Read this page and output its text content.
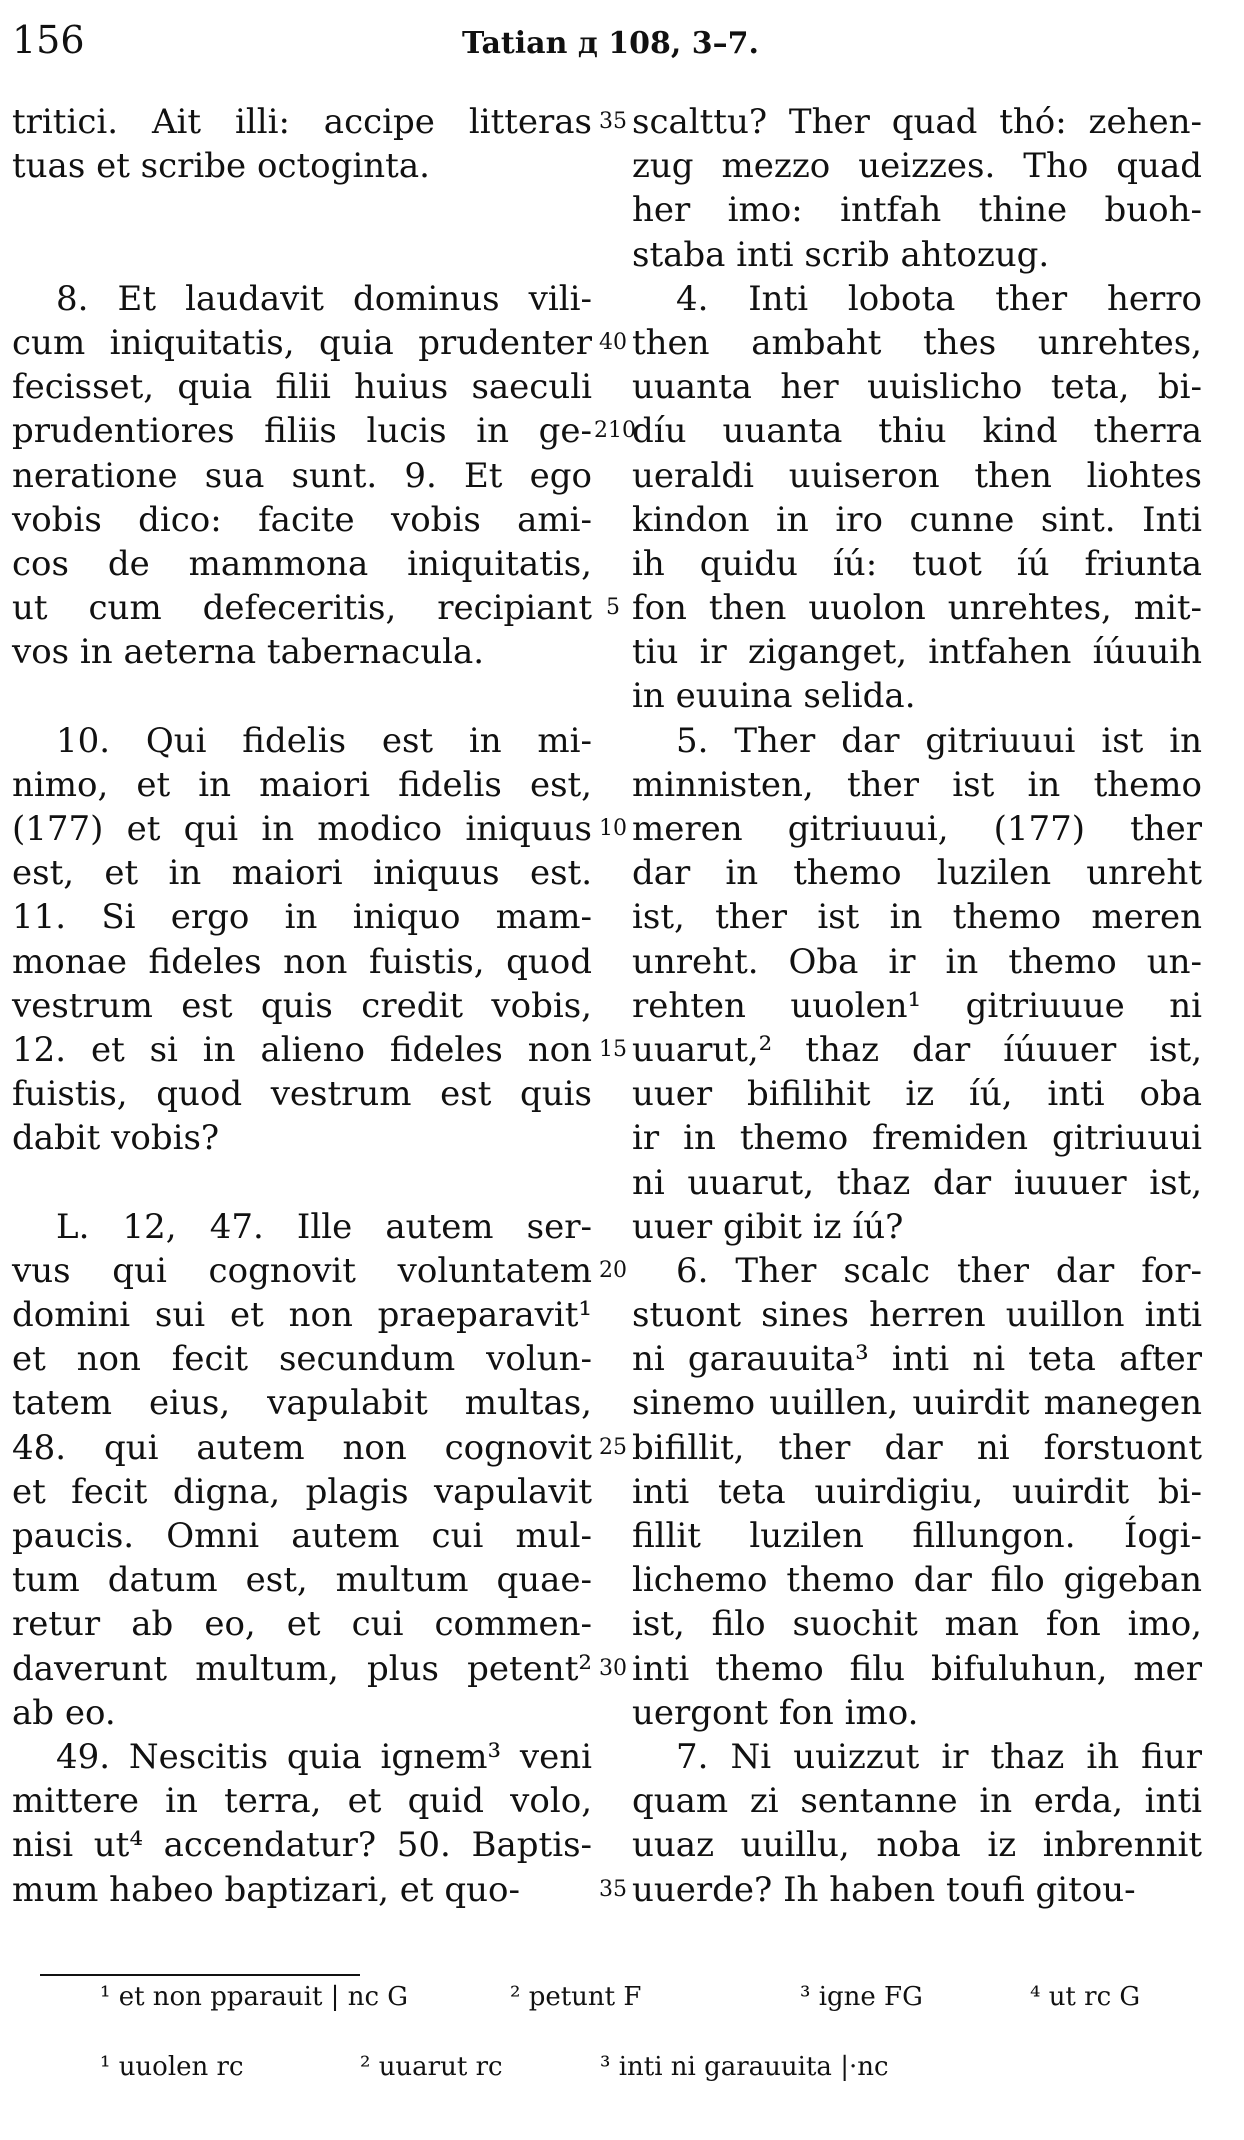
156	Tatian д 108, 3–7.
tritici. Ait illi: accipe litteras
tuas et scribe octoginta.
8. Et laudavit dominus vili-
cum iniquitatis, quia prudenter
fecisset, quia filii huius saeculi
prudentiores filiis lucis in ge-
neratione sua sunt. 9. Et ego
vobis dico: facite vobis ami-
cos de mammona iniquitatis,
ut cum defeceritis, recipiant
vos in aeterna tabernacula.
10. Qui fidelis est in mi-
nimo, et in maiori fidelis est,
(177) et qui in modico iniquus
est, et in maiori iniquus est.
11. Si ergo in iniquo mam-
monae fideles non fuistis, quod
vestrum est quis credit vobis,
12. et si in alieno fideles non
fuistis, quod vestrum est quis
dabit vobis?
L. 12, 47. Ille autem ser-
vus qui cognovit voluntatem
domini sui et non praeparavit¹
et non fecit secundum volun-
tatem eius, vapulabit multas,
48. qui autem non cognovit
et fecit digna, plagis vapulavit
paucis. Omni autem cui mul-
tum datum est, multum quae-
retur ab eo, et cui commen-
daverunt multum, plus petent²
ab eo.
49. Nescitis quia ignem³ veni
mittere in terra, et quid volo,
nisi ut⁴ accendatur? 50. Baptis-
mum habeo baptizari, et quo-
35
40
210
5
10
15
20
25
30
35
scalttu? Ther quad thó: zehen-
zug mezzo ueizzes. Tho quad
her imo: intfah thine buoh-
staba inti scrib ahtozug.
4. Inti lobota ther herro
then ambaht thes unrehtes,
uuanta her uuislicho teta, bi-
díu uuanta thiu kind therra
ueraldi uuiseron then liohtes
kindon in iro cunne sint. Inti
ih quidu íú: tuot íú friunta
fon then uuolon unrehtes, mit-
tiu ir ziganget, intfahen íúuuih
in euuina selida.
5. Ther dar gitriuuui ist in
minnisten, ther ist in themo
meren gitriuuui, (177) ther
dar in themo luzilen unreht
ist, ther ist in themo meren
unreht. Oba ir in themo un-
rehten uuolen¹ gitriuuue ni
uuarut,² thaz dar íúuuer ist,
uuer bifilihit iz íú, inti oba
ir in themo fremiden gitriuuui
ni uuarut, thaz dar iuuuer ist,
uuer gibit iz íú?
6. Ther scalc ther dar for-
stuont sines herren uuillon inti
ni garauuita³ inti ni teta after
sinemo uuillen, uuirdit manegen
bifillit, ther dar ni forstuont
inti teta uuirdigiu, uuirdit bi-
fillit luzilen fillungon. Íogi-
lichemo themo dar filo gigeban
ist, filo suochit man fon imo,
inti themo filu bifuluhun, mer
uergont fon imo.
7. Ni uuizzut ir thaz ih fiur
quam zi sentanne in erda, inti
uuaz uuillu, noba iz inbrennit
uuerde? Ih haben toufi gitou-
¹ et non pparauit | nc G	² petunt F	³ igne FG	⁴ ut rc G
¹ uuolen rc	² uuarut rc	³ inti ni garauuita |·nc
